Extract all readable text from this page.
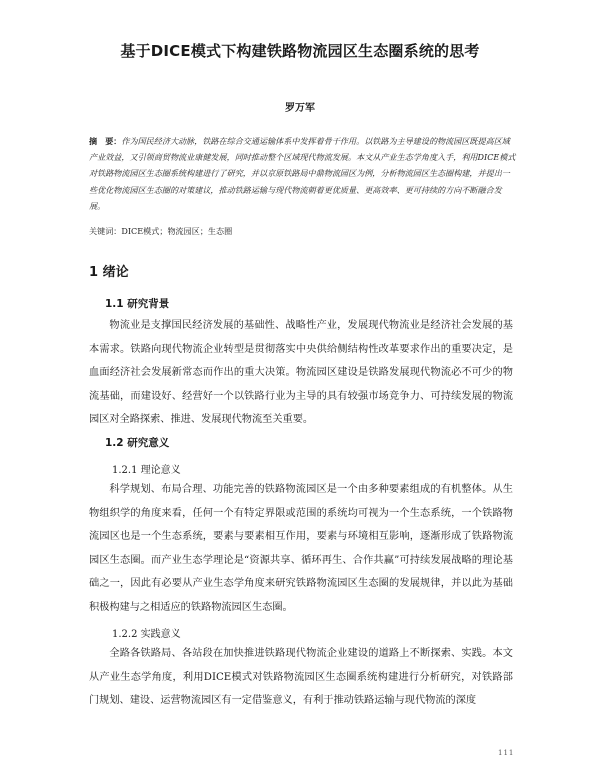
基于DICE模式下构建铁路物流园区生态圈系统的思考
罗万军
摘　要：作为国民经济大动脉，铁路在综合交通运输体系中发挥着骨干作用。以铁路为主导建设的物流园区既提高区域产业效益，又引领商贸物流业康健发展，同时推动整个区域现代物流发展。本文从产业生态学角度入手，利用DICE模式对铁路物流园区生态圈系统构建进行了研究，并以京原铁路局中鼎物流园区为例，分析物流园区生态圈构建，并提出一些优化物流园区生态圈的对策建议，推动铁路运输与现代物流朝着更优质量、更高效率、更可持续的方向不断融合发展。
关键词：DICE模式；物流园区；生态圈
1 绪论
1.1 研究背景
物流业是支撑国民经济发展的基础性、战略性产业，发展现代物流业是经济社会发展的基本需求。铁路向现代物流企业转型是贯彻落实中央供给侧结构性改革要求作出的重要决定，是血面经济社会发展新常态而作出的重大决策。物流园区建设是铁路发展现代物流必不可少的物流基础，而建设好、经营好一个以铁路行业为主导的具有较强市场竞争力、可持续发展的物流园区对全路探索、推进、发展现代物流至关重要。
1.2 研究意义
1.2.1 理论意义
科学规划、布局合理、功能完善的铁路物流园区是一个由多种要素组成的有机整体。从生物组织学的角度来看，任何一个有特定界限或范围的系统均可视为一个生态系统，一个铁路物流园区也是一个生态系统，要素与要素相互作用，要素与环境相互影响，逐渐形成了铁路物流园区生态圈。而产业生态学理论是“资源共享、循环再生、合作共赢”可持续发展战略的理论基础之一，因此有必要从产业生态学角度来研究铁路物流园区生态圈的发展规律，并以此为基础积极构建与之相适应的铁路物流园区生态圈。
1.2.2 实践意义
全路各铁路局、各站段在加快推进铁路现代物流企业建设的道路上不断探索、实践。本文从产业生态学角度，利用DICE模式对铁路物流园区生态圈系统构建进行分析研究，对铁路部门规划、建设、运营物流园区有一定借鉴意义，有利于推动铁路运输与现代物流的深度
111
